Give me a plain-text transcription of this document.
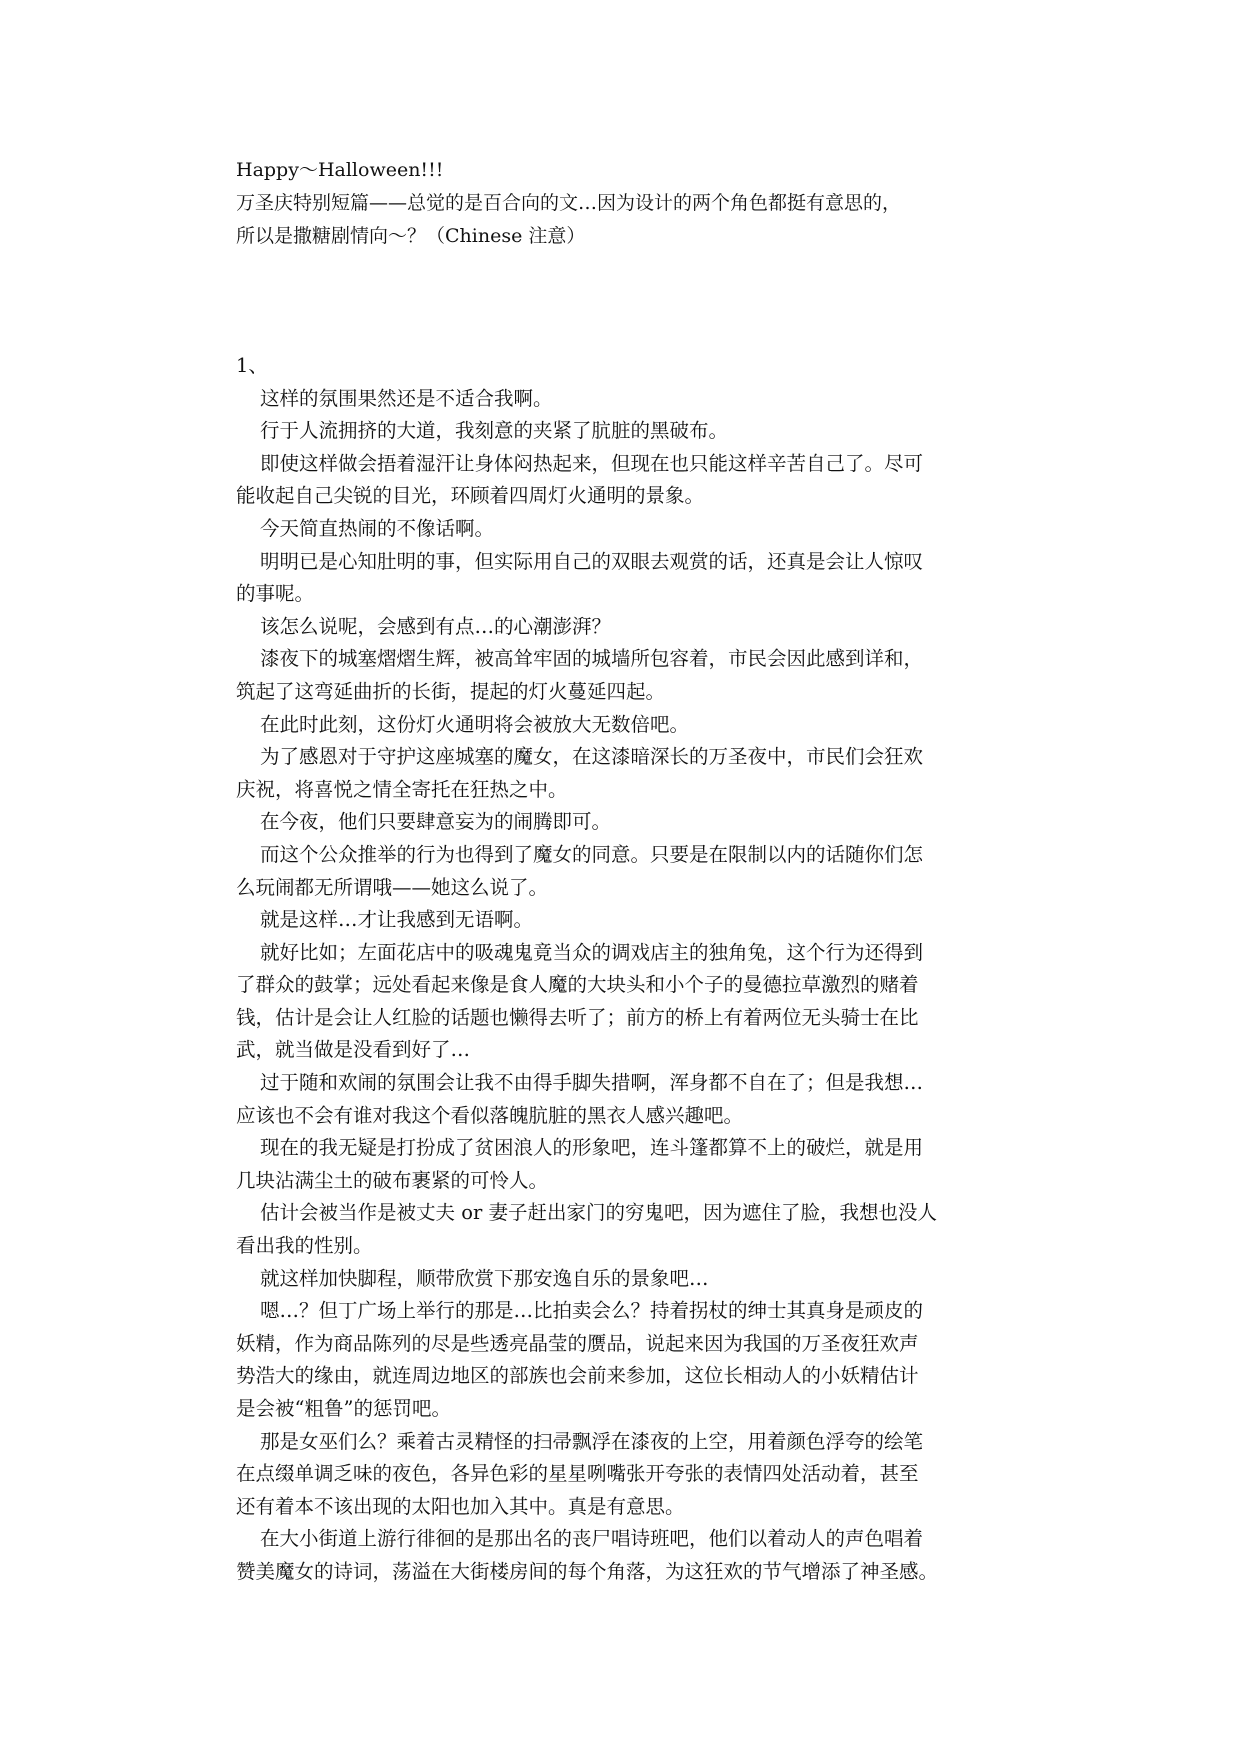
Happy～Halloween!!!
万圣庆特别短篇——总觉的是百合向的文…因为设计的两个角色都挺有意思的，
所以是撒糖剧情向～？（Chinese 注意）
1、
这样的氛围果然还是不适合我啊。
行于人流拥挤的大道，我刻意的夹紧了肮脏的黑破布。
即使这样做会捂着湿汗让身体闷热起来，但现在也只能这样辛苦自己了。尽可
能收起自己尖锐的目光，环顾着四周灯火通明的景象。
今天简直热闹的不像话啊。
明明已是心知肚明的事，但实际用自己的双眼去观赏的话，还真是会让人惊叹
的事呢。
该怎么说呢，会感到有点…的心潮澎湃？
漆夜下的城塞熠熠生辉，被高耸牢固的城墙所包容着，市民会因此感到详和，
筑起了这弯延曲折的长街，提起的灯火蔓延四起。
在此时此刻，这份灯火通明将会被放大无数倍吧。
为了感恩对于守护这座城塞的魔女，在这漆暗深长的万圣夜中，市民们会狂欢
庆祝，将喜悦之情全寄托在狂热之中。
在今夜，他们只要肆意妄为的闹腾即可。
而这个公众推举的行为也得到了魔女的同意。只要是在限制以内的话随你们怎
么玩闹都无所谓哦——她这么说了。
就是这样…才让我感到无语啊。
就好比如；左面花店中的吸魂鬼竟当众的调戏店主的独角兔，这个行为还得到
了群众的鼓掌；远处看起来像是食人魔的大块头和小个子的曼德拉草激烈的赌着
钱，估计是会让人红脸的话题也懒得去听了；前方的桥上有着两位无头骑士在比
武，就当做是没看到好了…
过于随和欢闹的氛围会让我不由得手脚失措啊，浑身都不自在了；但是我想…
应该也不会有谁对我这个看似落魄肮脏的黑衣人感兴趣吧。
现在的我无疑是打扮成了贫困浪人的形象吧，连斗篷都算不上的破烂，就是用
几块沾满尘土的破布裹紧的可怜人。
估计会被当作是被丈夫 or 妻子赶出家门的穷鬼吧，因为遮住了脸，我想也没人
看出我的性别。
就这样加快脚程，顺带欣赏下那安逸自乐的景象吧…
嗯…？但丁广场上举行的那是…比拍卖会么？持着拐杖的绅士其真身是顽皮的
妖精，作为商品陈列的尽是些透亮晶莹的赝品，说起来因为我国的万圣夜狂欢声
势浩大的缘由，就连周边地区的部族也会前来参加，这位长相动人的小妖精估计
是会被“粗鲁”的惩罚吧。
那是女巫们么？乘着古灵精怪的扫帚飘浮在漆夜的上空，用着颜色浮夸的绘笔
在点缀单调乏味的夜色，各异色彩的星星咧嘴张开夸张的表情四处活动着，甚至
还有着本不该出现的太阳也加入其中。真是有意思。
在大小街道上游行徘徊的是那出名的丧尸唱诗班吧，他们以着动人的声色唱着
赞美魔女的诗词，荡溢在大街楼房间的每个角落，为这狂欢的节气增添了神圣感。
